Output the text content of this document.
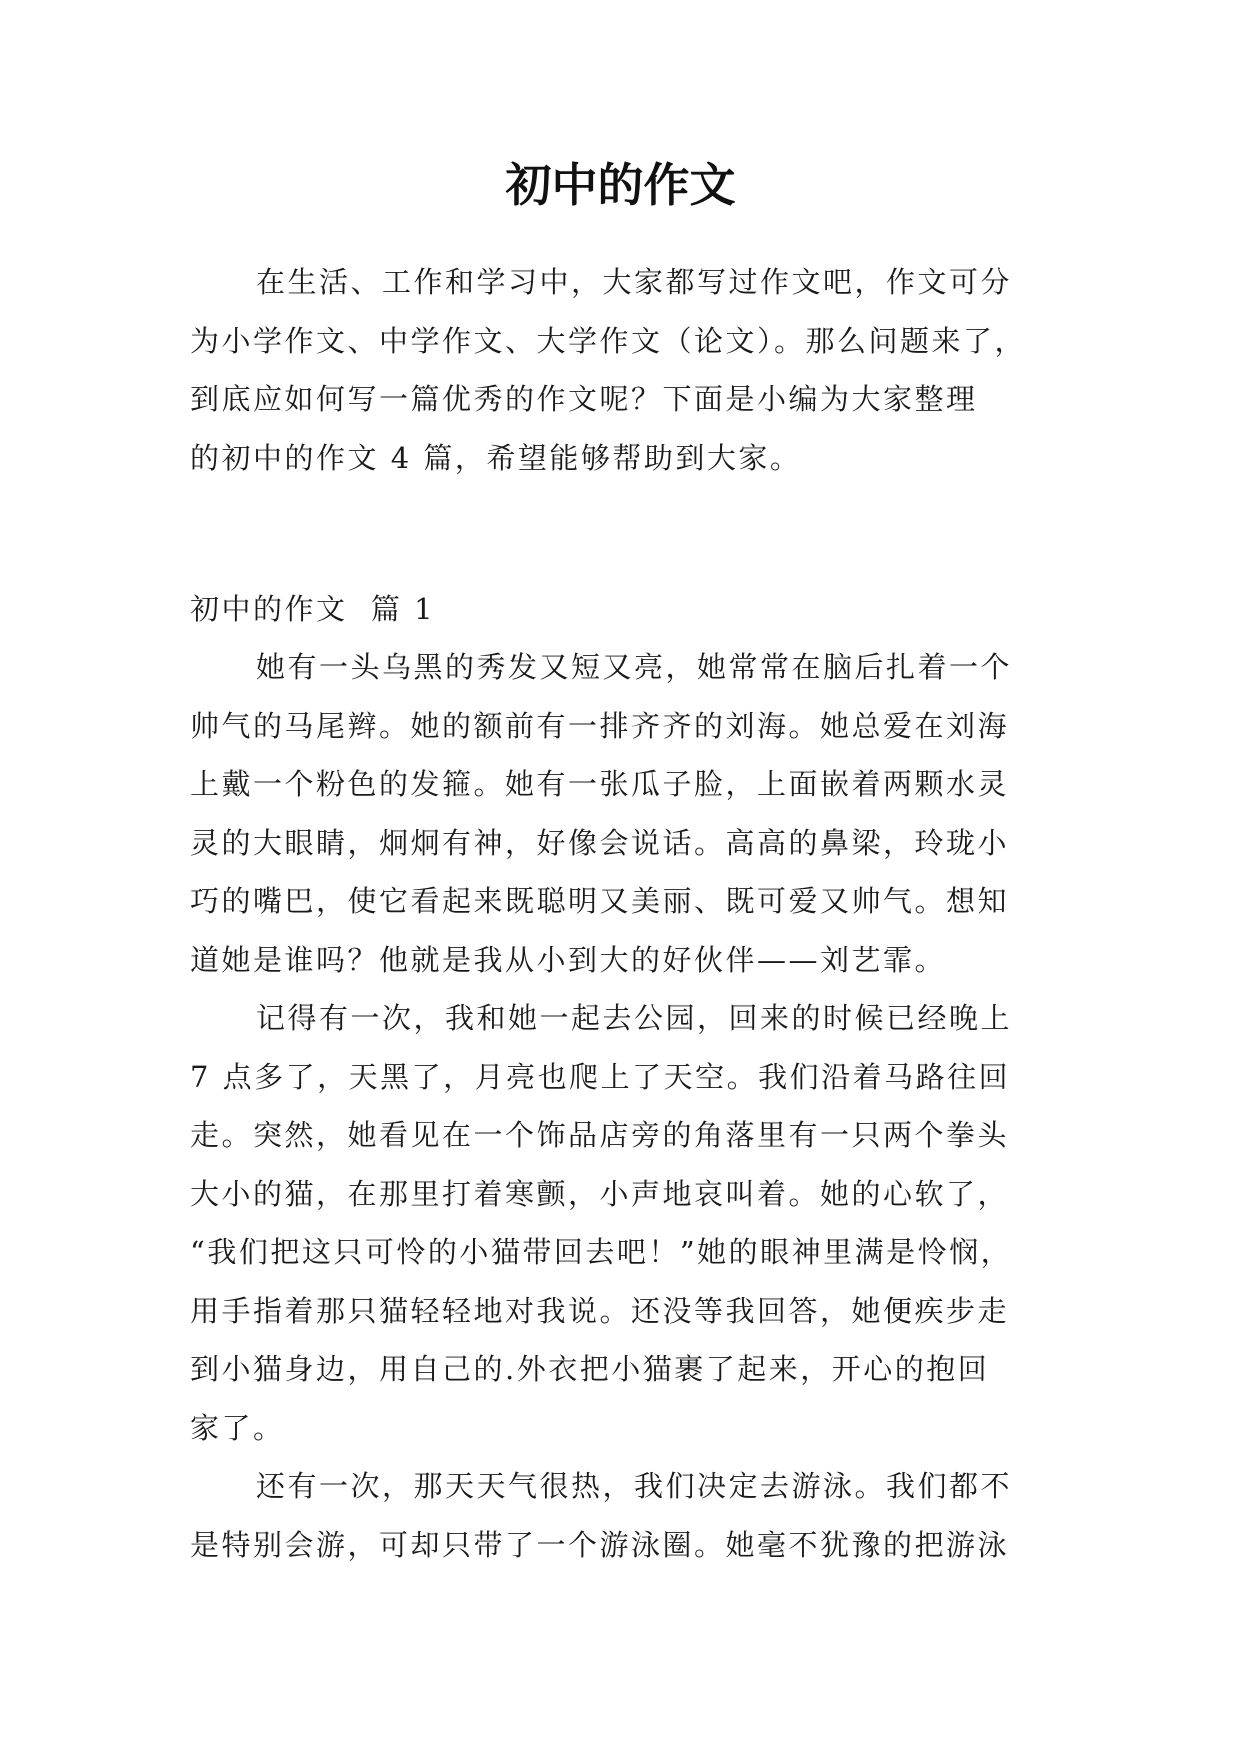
初中的作文
在生活、工作和学习中，大家都写过作文吧，作文可分
为小学作文、中学作文、大学作文（论文）。那么问题来了，
到底应如何写一篇优秀的作文呢？下面是小编为大家整理
的初中的作文 4 篇，希望能够帮助到大家。
初中的作文  篇 1
她有一头乌黑的秀发又短又亮，她常常在脑后扎着一个
帅气的马尾辫。她的额前有一排齐齐的刘海。她总爱在刘海
上戴一个粉色的发箍。她有一张瓜子脸，上面嵌着两颗水灵
灵的大眼睛，炯炯有神，好像会说话。高高的鼻梁，玲珑小
巧的嘴巴，使它看起来既聪明又美丽、既可爱又帅气。想知
道她是谁吗？他就是我从小到大的好伙伴——刘艺霏。
记得有一次，我和她一起去公园，回来的时候已经晚上
7 点多了，天黑了，月亮也爬上了天空。我们沿着马路往回
走。突然，她看见在一个饰品店旁的角落里有一只两个拳头
大小的猫，在那里打着寒颤，小声地哀叫着。她的心软了，
“我们把这只可怜的小猫带回去吧！”她的眼神里满是怜悯，
用手指着那只猫轻轻地对我说。还没等我回答，她便疾步走
到小猫身边，用自己的.外衣把小猫裹了起来，开心的抱回
家了。
还有一次，那天天气很热，我们决定去游泳。我们都不
是特别会游，可却只带了一个游泳圈。她毫不犹豫的把游泳
